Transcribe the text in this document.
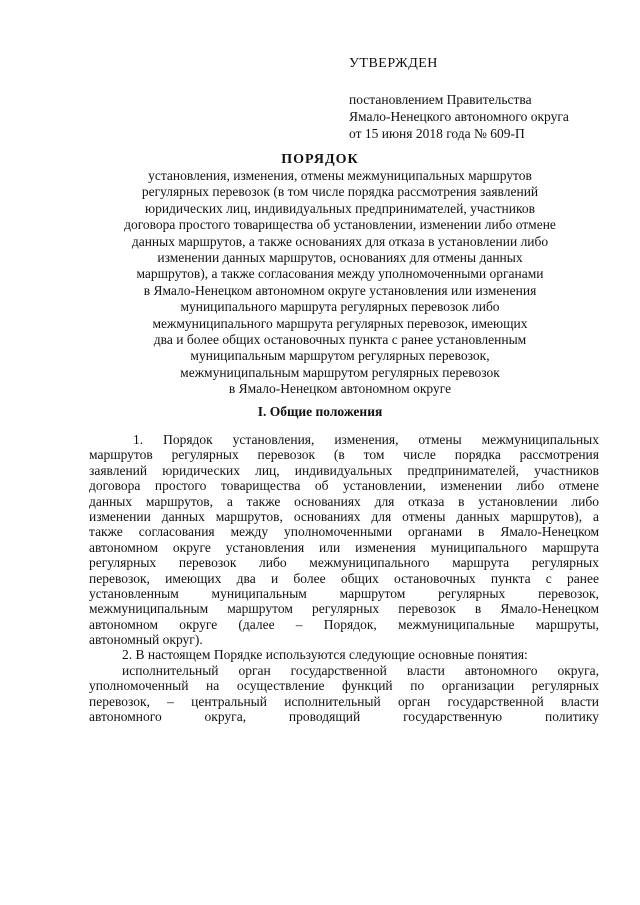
УТВЕРЖДЕН
постановлением Правительства
Ямало-Ненецкого автономного округа
от 15 июня 2018 года № 609-П
ПОРЯДОК
установления, изменения, отмены межмуниципальных маршрутов
регулярных перевозок (в том числе порядка рассмотрения заявлений
юридических лиц, индивидуальных предпринимателей, участников
договора простого товарищества об установлении, изменении либо отмене
данных маршрутов, а также основаниях для отказа в установлении либо
изменении данных маршрутов, основаниях для отмены данных
маршрутов), а также согласования между уполномоченными органами
в Ямало-Ненецком автономном округе установления или изменения
муниципального маршрута регулярных перевозок либо
межмуниципального маршрута регулярных перевозок, имеющих
два и более общих остановочных пункта с ранее установленным
муниципальным маршрутом регулярных перевозок,
межмуниципальным маршрутом регулярных перевозок
в Ямало-Ненецком автономном округе
I. Общие положения
1. Порядок установления, изменения, отмены межмуниципальных
маршрутов регулярных перевозок (в том числе порядка рассмотрения
заявлений юридических лиц, индивидуальных предпринимателей, участников
договора простого товарищества об установлении, изменении либо отмене
данных маршрутов, а также основаниях для отказа в установлении либо
изменении данных маршрутов, основаниях для отмены данных маршрутов), а
также согласования между уполномоченными органами в Ямало-Ненецком
автономном округе установления или изменения муниципального маршрута
регулярных перевозок либо межмуниципального маршрута регулярных
перевозок, имеющих два и более общих остановочных пункта с ранее
установленным муниципальным маршрутом регулярных перевозок,
межмуниципальным маршрутом регулярных перевозок в Ямало-Ненецком
автономном округе (далее – Порядок, межмуниципальные маршруты,
автономный округ).
2. В настоящем Порядке используются следующие основные понятия:
исполнительный орган государственной власти автономного округа,
уполномоченный на осуществление функций по организации регулярных
перевозок, – центральный исполнительный орган государственной власти
автономного округа, проводящий государственную политику
